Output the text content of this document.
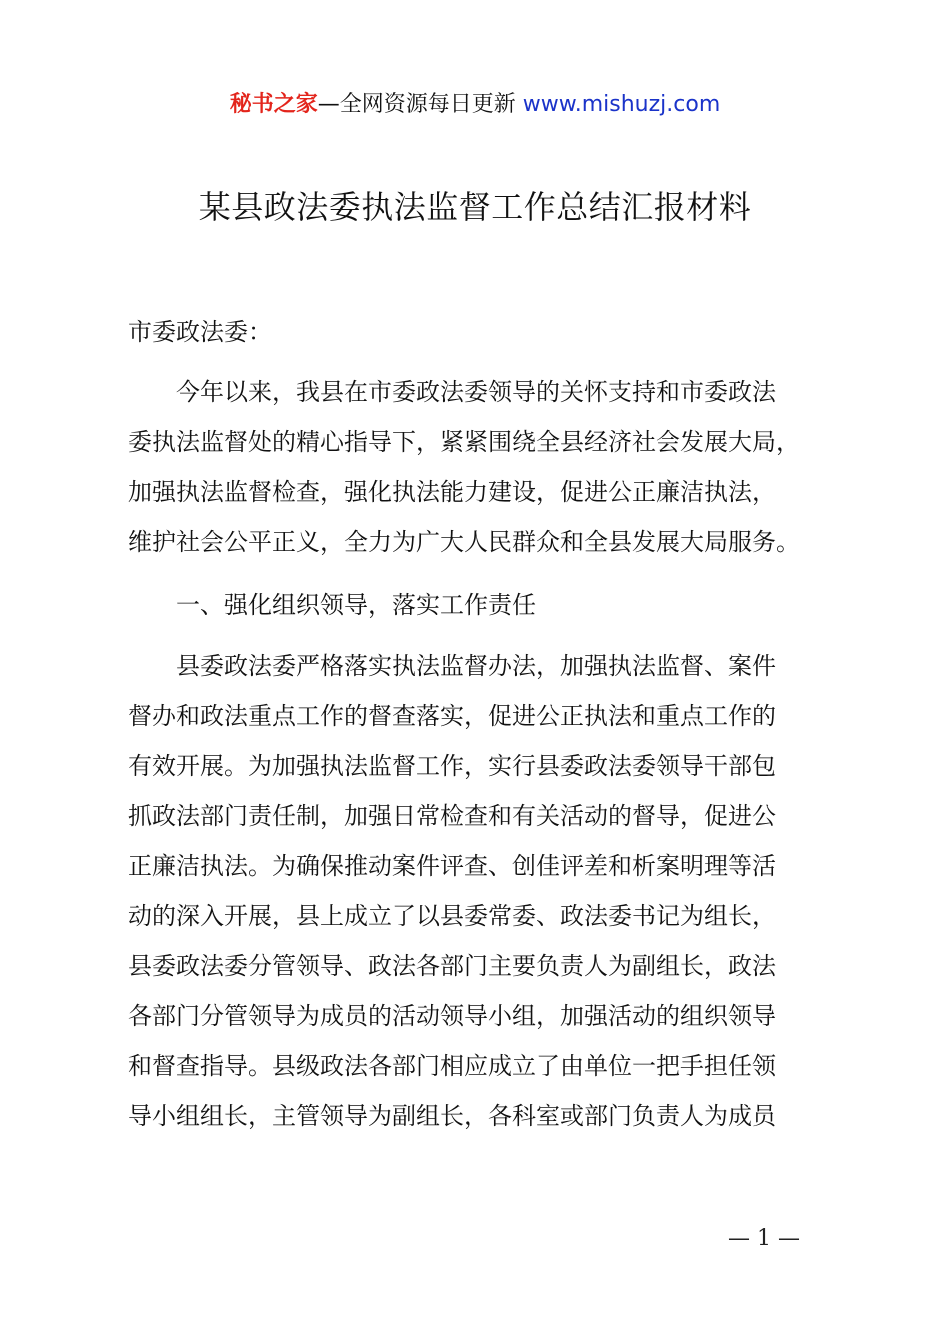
秘书之家—全网资源每日更新 www.mishuzj.com
某县政法委执法监督工作总结汇报材料
市委政法委：
今年以来，我县在市委政法委领导的关怀支持和市委政法
委执法监督处的精心指导下，紧紧围绕全县经济社会发展大局，
加强执法监督检查，强化执法能力建设，促进公正廉洁执法，
维护社会公平正义，全力为广大人民群众和全县发展大局服务。
一、强化组织领导，落实工作责任
县委政法委严格落实执法监督办法，加强执法监督、案件
督办和政法重点工作的督查落实，促进公正执法和重点工作的
有效开展。为加强执法监督工作，实行县委政法委领导干部包
抓政法部门责任制，加强日常检查和有关活动的督导，促进公
正廉洁执法。为确保推动案件评查、创佳评差和析案明理等活
动的深入开展，县上成立了以县委常委、政法委书记为组长，
县委政法委分管领导、政法各部门主要负责人为副组长，政法
各部门分管领导为成员的活动领导小组，加强活动的组织领导
和督查指导。县级政法各部门相应成立了由单位一把手担任领
导小组组长，主管领导为副组长，各科室或部门负责人为成员
— 1 —
